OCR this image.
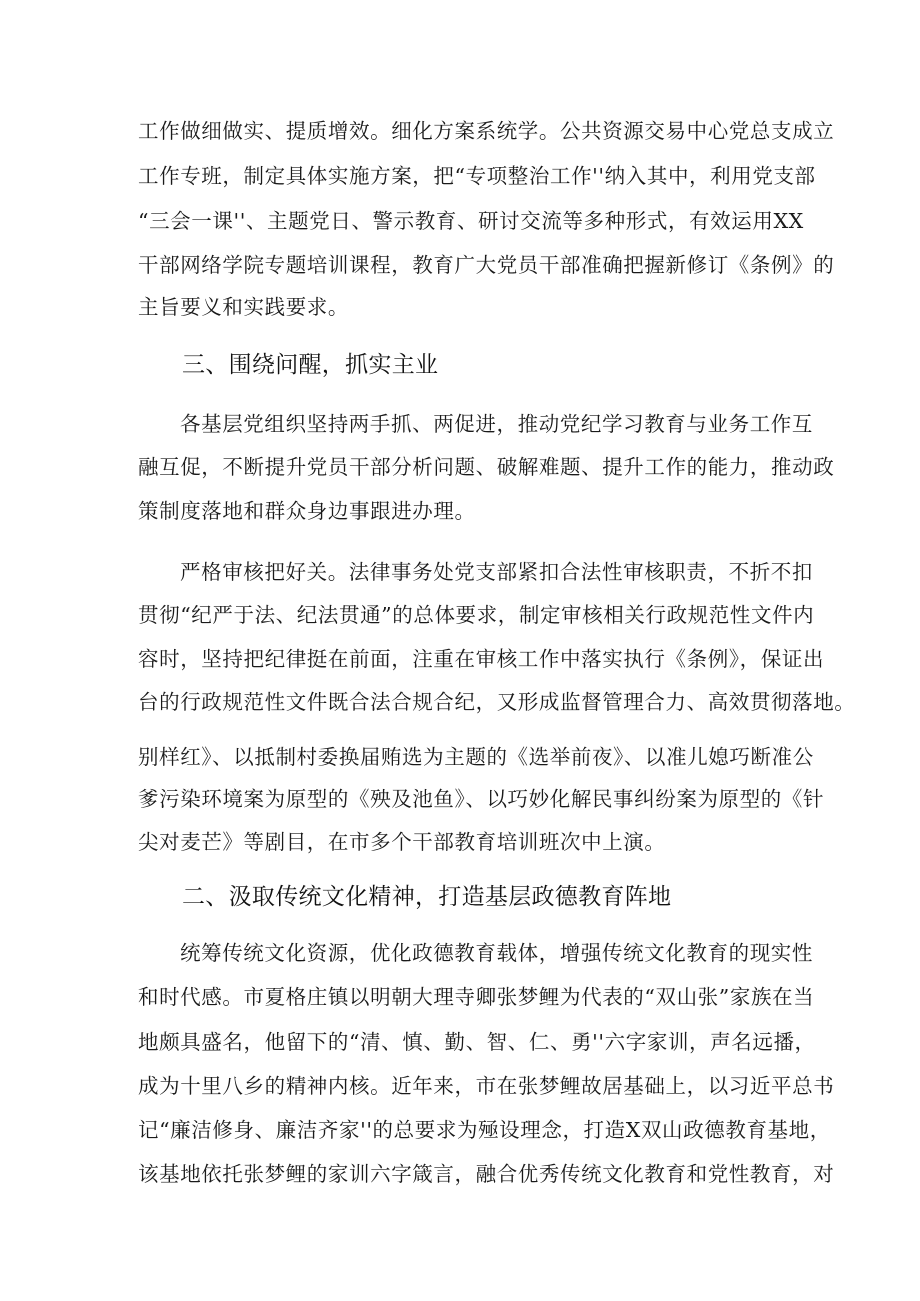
工作做细做实、提质增效。细化方案系统学。公共资源交易中心党总支成立
工作专班，制定具体实施方案，把“专项整治工作''纳入其中，利用党支部
“三会一课''、主题党日、警示教育、研讨交流等多种形式，有效运用XX
干部网络学院专题培训课程，教育广大党员干部准确把握新修订《条例》的
主旨要义和实践要求。
三、围绕问醒，抓实主业
各基层党组织坚持两手抓、两促进，推动党纪学习教育与业务工作互
融互促，不断提升党员干部分析问题、破解难题、提升工作的能力，推动政
策制度落地和群众身边事跟进办理。
严格审核把好关。法律事务处党支部紧扣合法性审核职责，不折不扣
贯彻“纪严于法、纪法贯通”的总体要求，制定审核相关行政规范性文件内
容时，坚持把纪律挺在前面，注重在审核工作中落实执行《条例》，保证出
台的行政规范性文件既合法合规合纪，又形成监督管理合力、高效贯彻落地。
别样红》、以抵制村委换届贿选为主题的《选举前夜》、以准儿媳巧断准公
爹污染环境案为原型的《殃及池鱼》、以巧妙化解民事纠纷案为原型的《针
尖对麦芒》等剧目，在市多个干部教育培训班次中上演。
二、汲取传统文化精神，打造基层政德教育阵地
统筹传统文化资源，优化政德教育载体，增强传统文化教育的现实性
和时代感。市夏格庄镇以明朝大理寺卿张梦鲤为代表的“双山张”家族在当
地颇具盛名，他留下的“清、慎、勤、智、仁、勇''六字家训，声名远播，
成为十里八乡的精神内核。近年来，市在张梦鲤故居基础上，以习近平总书
记“廉洁修身、廉洁齐家''的总要求为殛设理念，打造X双山政德教育基地，
该基地依托张梦鲤的家训六字箴言，融合优秀传统文化教育和党性教育，对
